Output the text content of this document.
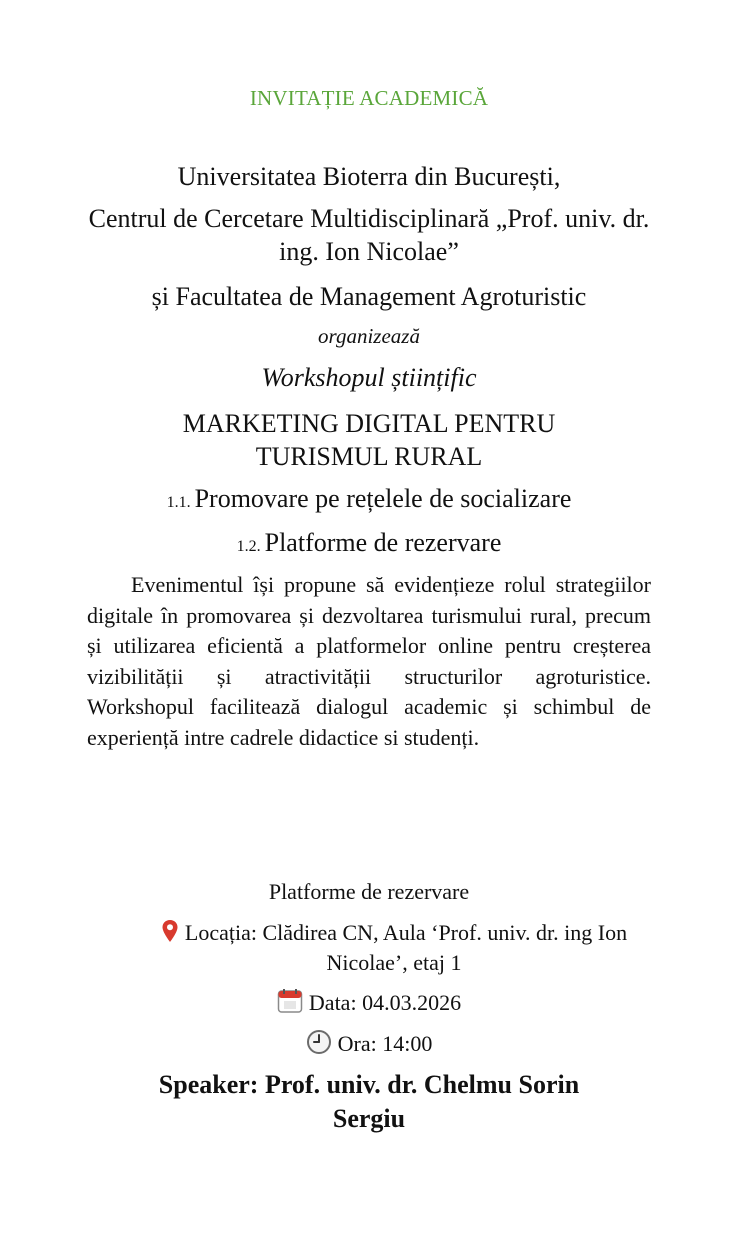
INVITAȚIE ACADEMICĂ
Universitatea Bioterra din București,
Centrul de Cercetare Multidisciplinară „Prof. univ. dr. ing. Ion Nicolae”
și Facultatea de Management Agroturistic
organizează
Workshopul științific
MARKETING DIGITAL PENTRU TURISMUL RURAL
1.1. Promovare pe rețelele de socializare
1.2. Platforme de rezervare
Evenimentul își propune să evidențieze rolul strategiilor digitale în promovarea și dezvoltarea turismului rural, precum și utilizarea eficientă a platformelor online pentru creșterea vizibilității și atractivității structurilor agroturistice. Workshopul facilitează dialogul academic și schimbul de experiență intre cadrele didactice si studenți.
Platforme de rezervare
Locația: Clădirea CN, Aula ‘Prof. univ. dr. ing Ion Nicolae’, etaj 1
Data: 04.03.2026
Ora: 14:00
Speaker: Prof. univ. dr. Chelmu Sorin Sergiu
